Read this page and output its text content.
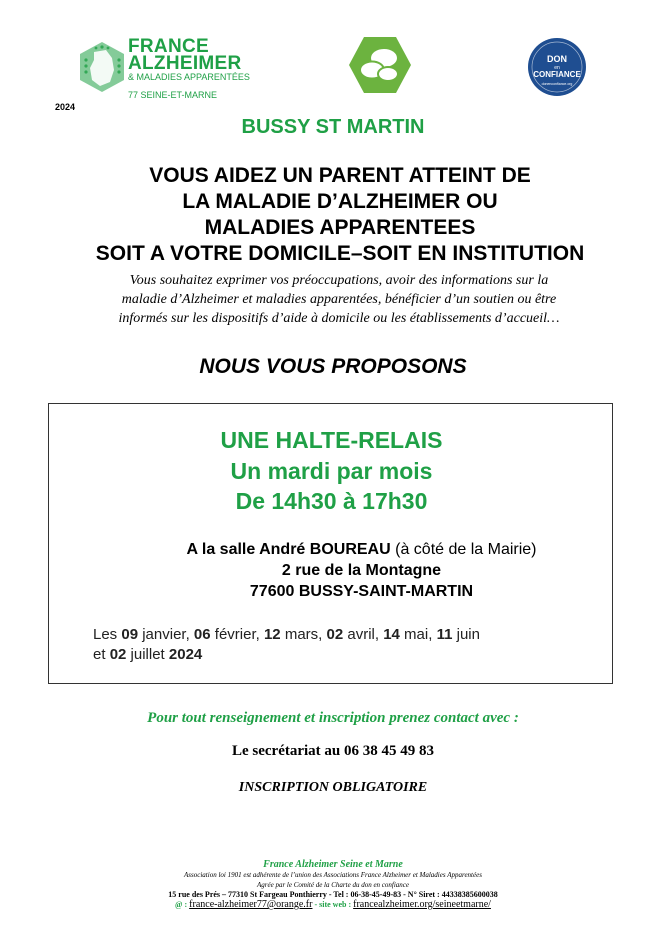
FRANCE
ALZHEIMER
& MALADIES APPARENTÉES
77 SEINE-ET-MARNE
DON
en
CONFIANCE
donenconfiance.org
2024
BUSSY ST MARTIN
VOUS AIDEZ UN PARENT ATTEINT DE
LA MALADIE D’ALZHEIMER OU
MALADIES APPARENTEES
SOIT A VOTRE DOMICILE–SOIT EN INSTITUTION
Vous souhaitez exprimer vos préoccupations, avoir des informations sur la
maladie d’Alzheimer et maladies apparentées, bénéficier d’un soutien ou être
informés sur les dispositifs d’aide à domicile ou les établissements d’accueil…
NOUS VOUS PROPOSONS
UNE HALTE-RELAIS
Un mardi par mois
De 14h30 à 17h30
A la salle André BOUREAU (à côté de la Mairie)
2 rue de la Montagne
77600 BUSSY-SAINT-MARTIN
Les 09 janvier, 06 février, 12 mars, 02 avril, 14 mai, 11 juin
et 02 juillet 2024
Pour tout renseignement et inscription prenez contact avec :
Le secrétariat au 06 38 45 49 83
INSCRIPTION OBLIGATOIRE
France Alzheimer Seine et Marne
Association loi 1901 est adhérente de l’union des Associations France Alzheimer et Maladies Apparentées
Agrée par le Comité de la Charte du don en confiance
15 rue des Prés – 77310 St Fargeau Ponthierry - Tel : 06-38-45-49-83 - N° Siret : 44338385600038
@ : france-alzheimer77@orange.fr - site web : francealzheimer.org/seineetmarne/
